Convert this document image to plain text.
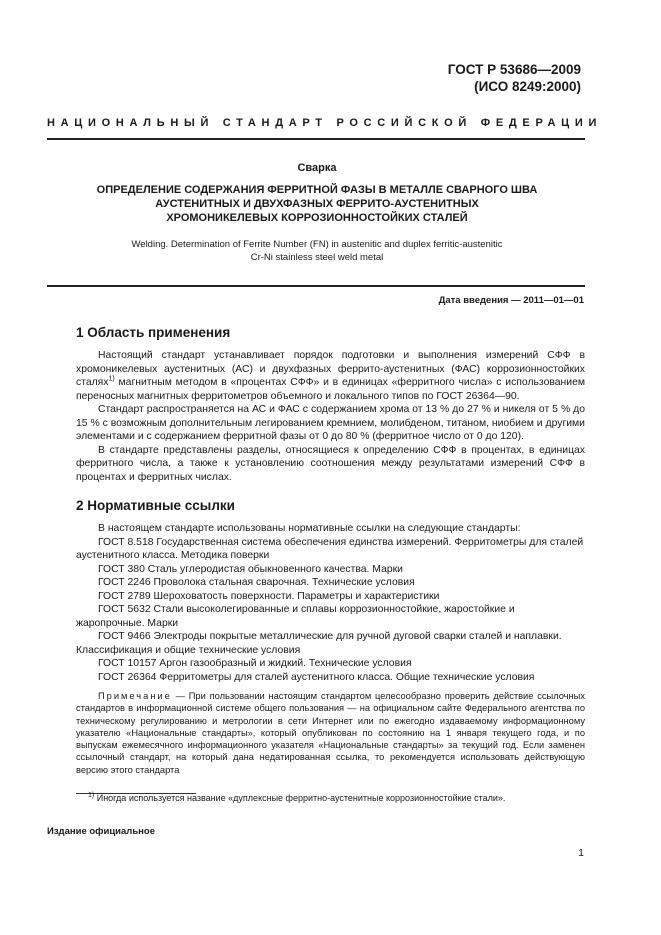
ГОСТ Р 53686—2009
(ИСО 8249:2000)
НАЦИОНАЛЬНЫЙ СТАНДАРТ РОССИЙСКОЙ ФЕДЕРАЦИИ
Сварка
ОПРЕДЕЛЕНИЕ СОДЕРЖАНИЯ ФЕРРИТНОЙ ФАЗЫ В МЕТАЛЛЕ СВАРНОГО ШВА
АУСТЕНИТНЫХ И ДВУХФАЗНЫХ ФЕРРИТО-АУСТЕНИТНЫХ
ХРОМОНИКЕЛЕВЫХ КОРРОЗИОННОСТОЙКИХ СТАЛЕЙ
Welding. Determination of Ferrite Number (FN) in austenitic and duplex ferritic-austenitic
Cr-Ni stainless steel weld metal
Дата введения — 2011—01—01
1 Область применения

Настоящий стандарт устанавливает порядок подготовки и выполнения измерений СФФ в хромоникелевых аустенитных (АС) и двухфазных феррито-аустенитных (ФАС) коррозионностойких сталях$^{1)}$ магнитным методом в «процентах СФФ» и в единицах «ферритного числа» с использованием переносных магнитных ферритометров объемного и локального типов по ГОСТ 26364—90.

Стандарт распространяется на АС и ФАС с содержанием хрома от 13 % до 27 % и никеля от 5 % до 15 % с возможным дополнительным легированием кремнием, молибденом, титаном, ниобием и другими элементами и с содержанием ферритной фазы от 0 до 80 % (ферритное число от 0 до 120).

В стандарте представлены разделы, относящиеся к определению СФФ в процентах, в единицах ферритного числа, а также к установлению соотношения между результатами измерений СФФ в процентах и ферритных числах.

2 Нормативные ссылки

В настоящем стандарте использованы нормативные ссылки на следующие стандарты:

ГОСТ 8.518 Государственная система обеспечения единства измерений. Ферритометры для сталей аустенитного класса. Методика поверки

ГОСТ 380 Сталь углеродистая обыкновенного качества. Марки

ГОСТ 2246 Проволока стальная сварочная. Технические условия

ГОСТ 2789 Шероховатость поверхности. Параметры и характеристики

ГОСТ 5632 Стали высоколегированные и сплавы коррозионностойкие, жаростойкие и жаропрочные. Марки

ГОСТ 9466 Электроды покрытые металлические для ручной дуговой сварки сталей и наплавки. Классификация и общие технические условия

ГОСТ 10157 Аргон газообразный и жидкий. Технические условия

ГОСТ 26364 Ферритометры для сталей аустенитного класса. Общие технические условия

Примечание — При пользовании настоящим стандартом целесообразно проверить действие ссылочных стандартов в информационной системе общего пользования — на официальном сайте Федерального агентства по техническому регулированию и метрологии в сети Интернет или по ежегодно издаваемому информационному указателю «Национальные стандарты», который опубликован по состоянию на 1 января текущего года, и по выпускам ежемесячного информационного указателя «Национальные стандарты» за текущий год. Если заменен ссылочный стандарт, на который дана недатированная ссылка, то рекомендуется использовать действующую версию этого стандарта
$^{1)}$ Иногда используется название «дуплексные ферритно-аустенитные коррозионностойкие стали».
Издание официальное
1
